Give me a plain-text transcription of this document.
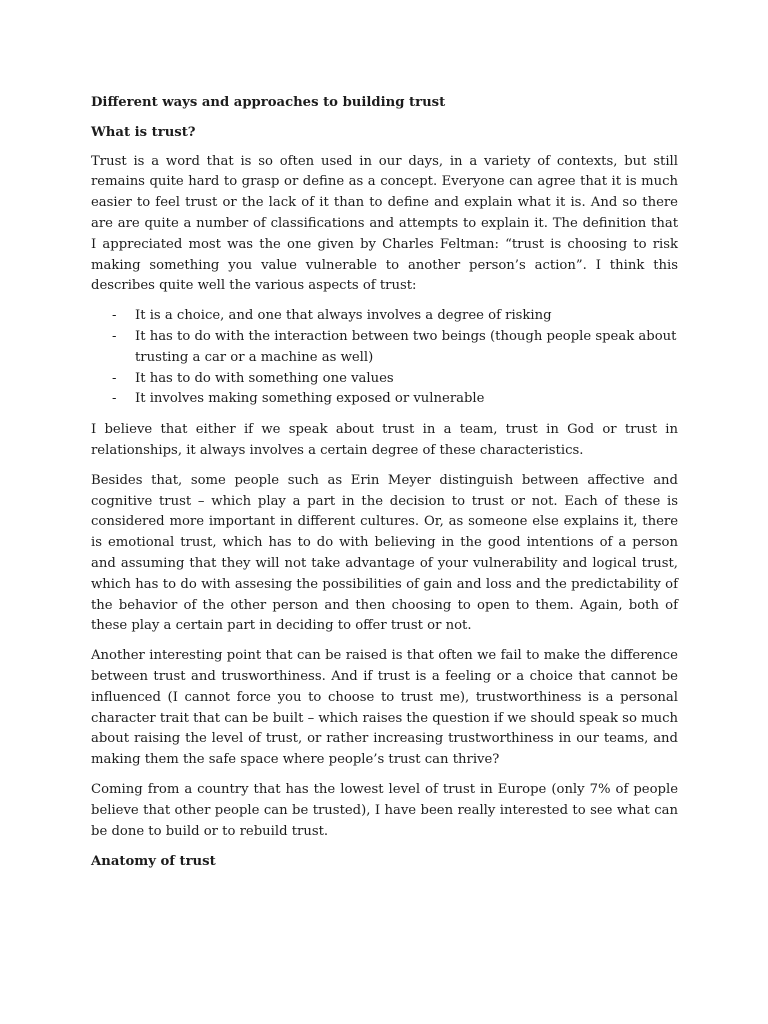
Different ways and approaches to building trust
What is trust?

Trust is a word that is so often used in our days, in a variety of contexts, but still remains quite hard to grasp or define as a concept. Everyone can agree that it is much easier to feel trust or the lack of it than to define and explain what it is. And so there are are quite a number of classifications and attempts to explain it. The definition that I appreciated most was the one given by Charles Feltman: “trust is choosing to risk making something you value vulnerable to another person’s action”. I think this describes quite well the various aspects of trust:

- It is a choice, and one that always involves a degree of risking
- It has to do with the interaction between two beings (though people speak about trusting a car or a machine as well)
- It has to do with something one values
- It involves making something exposed or vulnerable

I believe that either if we speak about trust in a team, trust in God or trust in relationships, it always involves a certain degree of these characteristics.

Besides that, some people such as Erin Meyer distinguish between affective and cognitive trust – which play a part in the decision to trust or not. Each of these is considered more important in different cultures. Or, as someone else explains it, there is emotional trust, which has to do with believing in the good intentions of a person and assuming that they will not take advantage of your vulnerability and logical trust, which has to do with assesing the possibilities of gain and loss and the predictability of the behavior of the other person and then choosing to open to them. Again, both of these play a certain part in deciding to offer trust or not.

Another interesting point that can be raised is that often we fail to make the difference between trust and trusworthiness. And if trust is a feeling or a choice that cannot be influenced (I cannot force you to choose to trust me), trustworthiness is a personal character trait that can be built – which raises the question if we should speak so much about raising the level of trust, or rather increasing trustworthiness in our teams, and making them the safe space where people’s trust can thrive?

Coming from a country that has the lowest level of trust in Europe (only 7% of people believe that other people can be trusted), I have been really interested to see what can be done to build or to rebuild trust.

Anatomy of trust
